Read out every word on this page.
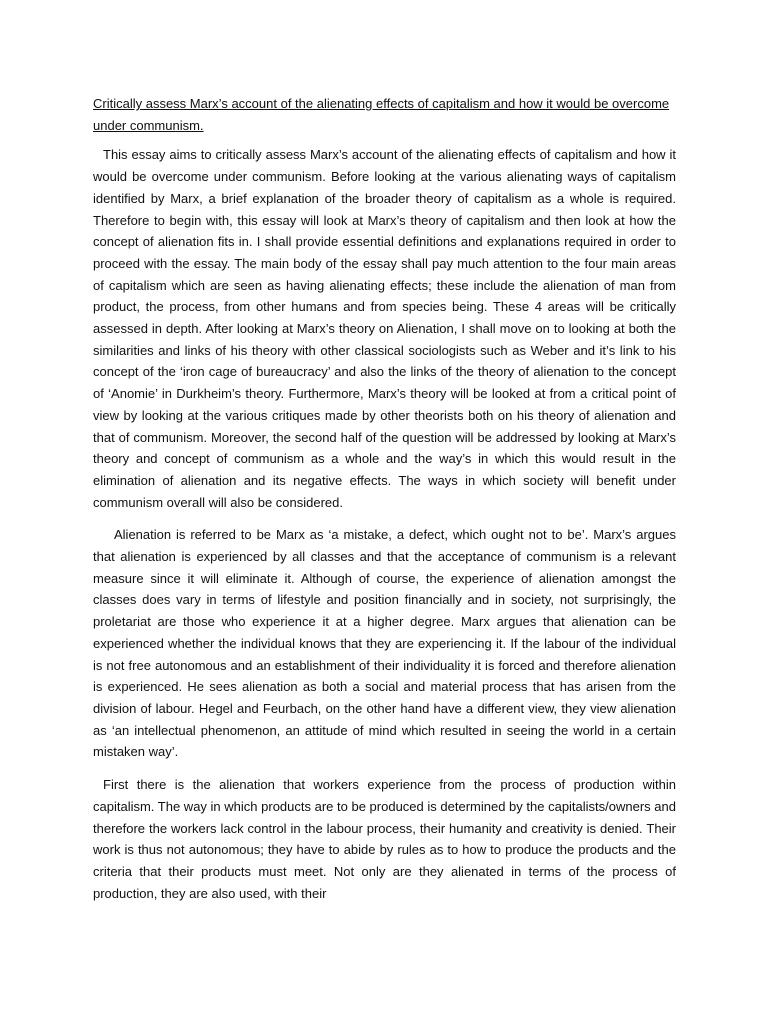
Critically assess Marx’s account of the alienating effects of capitalism and how it would be overcome under communism.

This essay aims to critically assess Marx’s account of the alienating effects of capitalism and how it would be overcome under communism. Before looking at the various alienating ways of capitalism identified by Marx, a brief explanation of the broader theory of capitalism as a whole is required. Therefore to begin with, this essay will look at Marx’s theory of capitalism and then look at how the concept of alienation fits in. I shall provide essential definitions and explanations required in order to proceed with the essay. The main body of the essay shall pay much attention to the four main areas of capitalism which are seen as having alienating effects; these include the alienation of man from product, the process, from other humans and from species being. These 4 areas will be critically assessed in depth. After looking at Marx’s theory on Alienation, I shall move on to looking at both the similarities and links of his theory with other classical sociologists such as Weber and it’s link to his concept of the ‘iron cage of bureaucracy’ and also the links of the theory of alienation to the concept of ‘Anomie’ in Durkheim’s theory. Furthermore, Marx’s theory will be looked at from a critical point of view by looking at the various critiques made by other theorists both on his theory of alienation and that of communism. Moreover, the second half of the question will be addressed by looking at Marx’s theory and concept of communism as a whole and the way’s in which this would result in the elimination of alienation and its negative effects. The ways in which society will benefit under communism overall will also be considered.

Alienation is referred to be Marx as ‘a mistake, a defect, which ought not to be’. Marx’s argues that alienation is experienced by all classes and that the acceptance of communism is a relevant measure since it will eliminate it. Although of course, the experience of alienation amongst the classes does vary in terms of lifestyle and position financially and in society, not surprisingly, the proletariat are those who experience it at a higher degree. Marx argues that alienation can be experienced whether the individual knows that they are experiencing it. If the labour of the individual is not free autonomous and an establishment of their individuality it is forced and therefore alienation is experienced. He sees alienation as both a social and material process that has arisen from the division of labour. Hegel and Feurbach, on the other hand have a different view, they view alienation as ‘an intellectual phenomenon, an attitude of mind which resulted in seeing the world in a certain mistaken way’.

First there is the alienation that workers experience from the process of production within capitalism. The way in which products are to be produced is determined by the capitalists/owners and therefore the workers lack control in the labour process, their humanity and creativity is denied. Their work is thus not autonomous; they have to abide by rules as to how to produce the products and the criteria that their products must meet. Not only are they alienated in terms of the process of production, they are also used, with their
